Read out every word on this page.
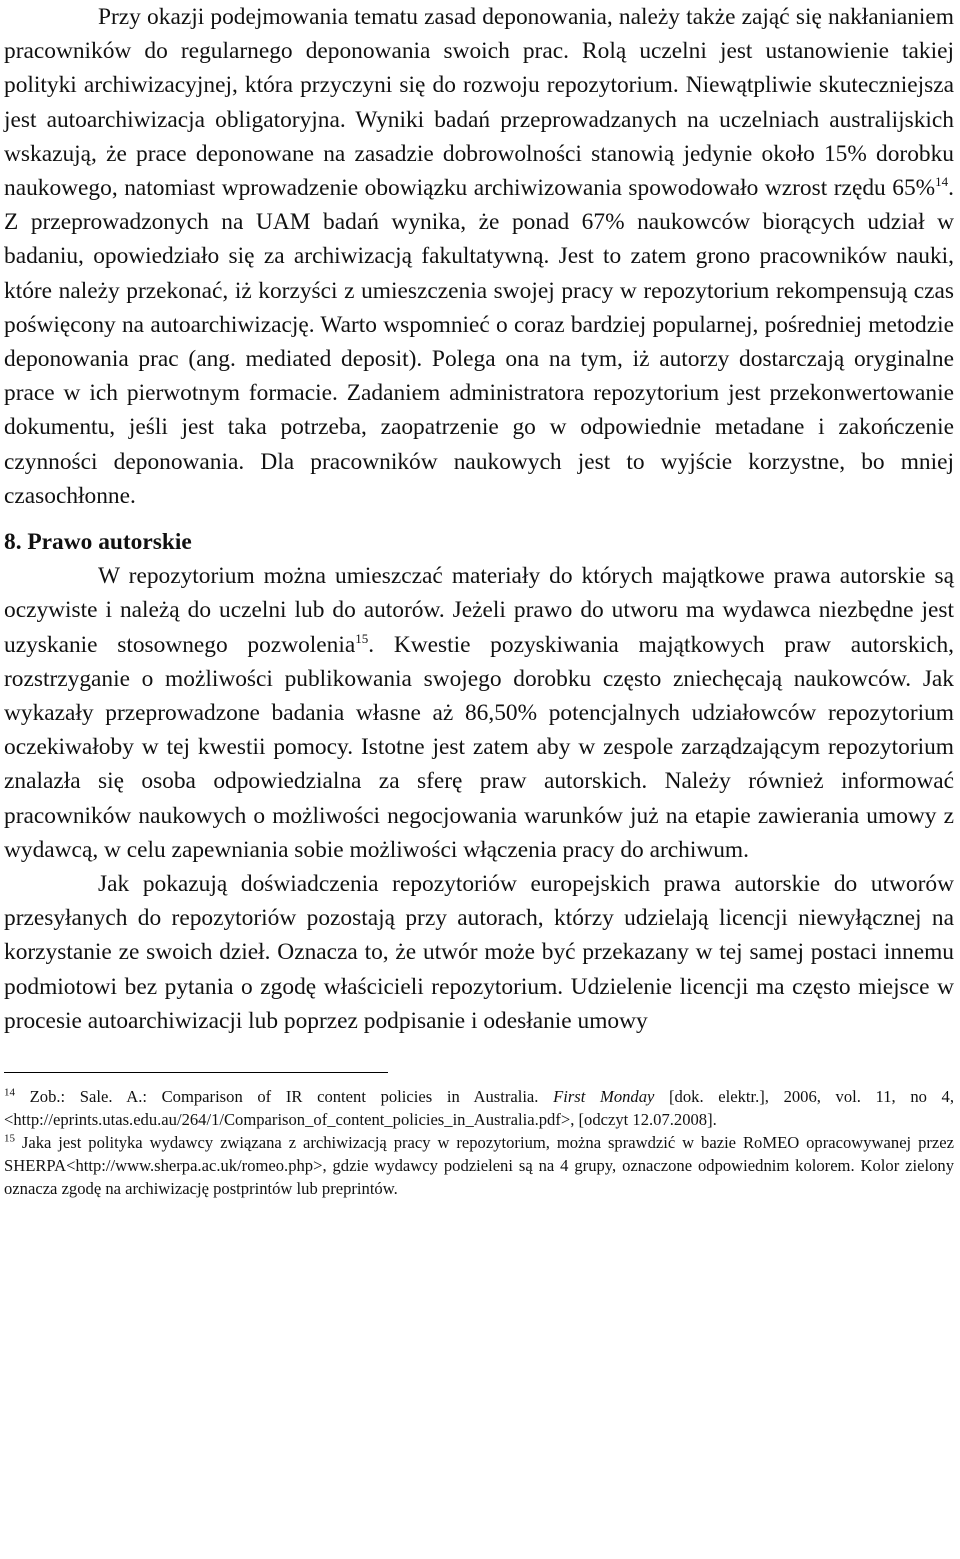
Przy okazji podejmowania tematu zasad deponowania, należy także zająć się nakłanianiem pracowników do regularnego deponowania swoich prac. Rolą uczelni jest ustanowienie takiej polityki archiwizacyjnej, która przyczyni się do rozwoju repozytorium. Niewątpliwie skuteczniejsza jest autoarchiwizacja obligatoryjna. Wyniki badań przeprowadzanych na uczelniach australijskich wskazują, że prace deponowane na zasadzie dobrowolności stanowią jedynie około 15% dorobku naukowego, natomiast wprowadzenie obowiązku archiwizowania spowodowało wzrost rzędu 65%$^{14}$. Z przeprowadzonych na UAM badań wynika, że ponad 67% naukowców biorących udział w badaniu, opowiedziało się za archiwizacją fakultatywną. Jest to zatem grono pracowników nauki, które należy przekonać, iż korzyści z umieszczenia swojej pracy w repozytorium rekompensują czas poświęcony na autoarchiwizację. Warto wspomnieć o coraz bardziej popularnej, pośredniej metodzie deponowania prac (ang. mediated deposit). Polega ona na tym, iż autorzy dostarczają oryginalne prace w ich pierwotnym formacie. Zadaniem administratora repozytorium jest przekonwertowanie dokumentu, jeśli jest taka potrzeba, zaopatrzenie go w odpowiednie metadane i zakończenie czynności deponowania. Dla pracowników naukowych jest to wyjście korzystne, bo mniej czasochłonne.

8. Prawo autorskie

W repozytorium można umieszczać materiały do których majątkowe prawa autorskie są oczywiste i należą do uczelni lub do autorów. Jeżeli prawo do utworu ma wydawca niezbędne jest uzyskanie stosownego pozwolenia$^{15}$. Kwestie pozyskiwania majątkowych praw autorskich, rozstrzyganie o możliwości publikowania swojego dorobku często zniechęcają naukowców. Jak wykazały przeprowadzone badania własne aż 86,50% potencjalnych udziałowców repozytorium oczekiwałoby w tej kwestii pomocy. Istotne jest zatem aby w zespole zarządzającym repozytorium znalazła się osoba odpowiedzialna za sferę praw autorskich. Należy również informować pracowników naukowych o możliwości negocjowania warunków już na etapie zawierania umowy z wydawcą, w celu zapewniania sobie możliwości włączenia pracy do archiwum.

Jak pokazują doświadczenia repozytoriów europejskich prawa autorskie do utworów przesyłanych do repozytoriów pozostają przy autorach, którzy udzielają licencji niewyłącznej na korzystanie ze swoich dzieł. Oznacza to, że utwór może być przekazany w tej samej postaci innemu podmiotowi bez pytania o zgodę właścicieli repozytorium. Udzielenie licencji ma często miejsce w procesie autoarchiwizacji lub poprzez podpisanie i odesłanie umowy

$^{14}$ Zob.: Sale. A.: Comparison of IR content policies in Australia. First Monday [dok. elektr.], 2006, vol. 11, no 4, <http://eprints.utas.edu.au/264/1/Comparison_of_content_policies_in_Australia.pdf>, [odczyt 12.07.2008].

$^{15}$ Jaka jest polityka wydawcy związana z archiwizacją pracy w repozytorium, można sprawdzić w bazie RoMEO opracowywanej przez SHERPA<http://www.sherpa.ac.uk/romeo.php>, gdzie wydawcy podzieleni są na 4 grupy, oznaczone odpowiednim kolorem. Kolor zielony oznacza zgodę na archiwizację postprintów lub preprintów.
